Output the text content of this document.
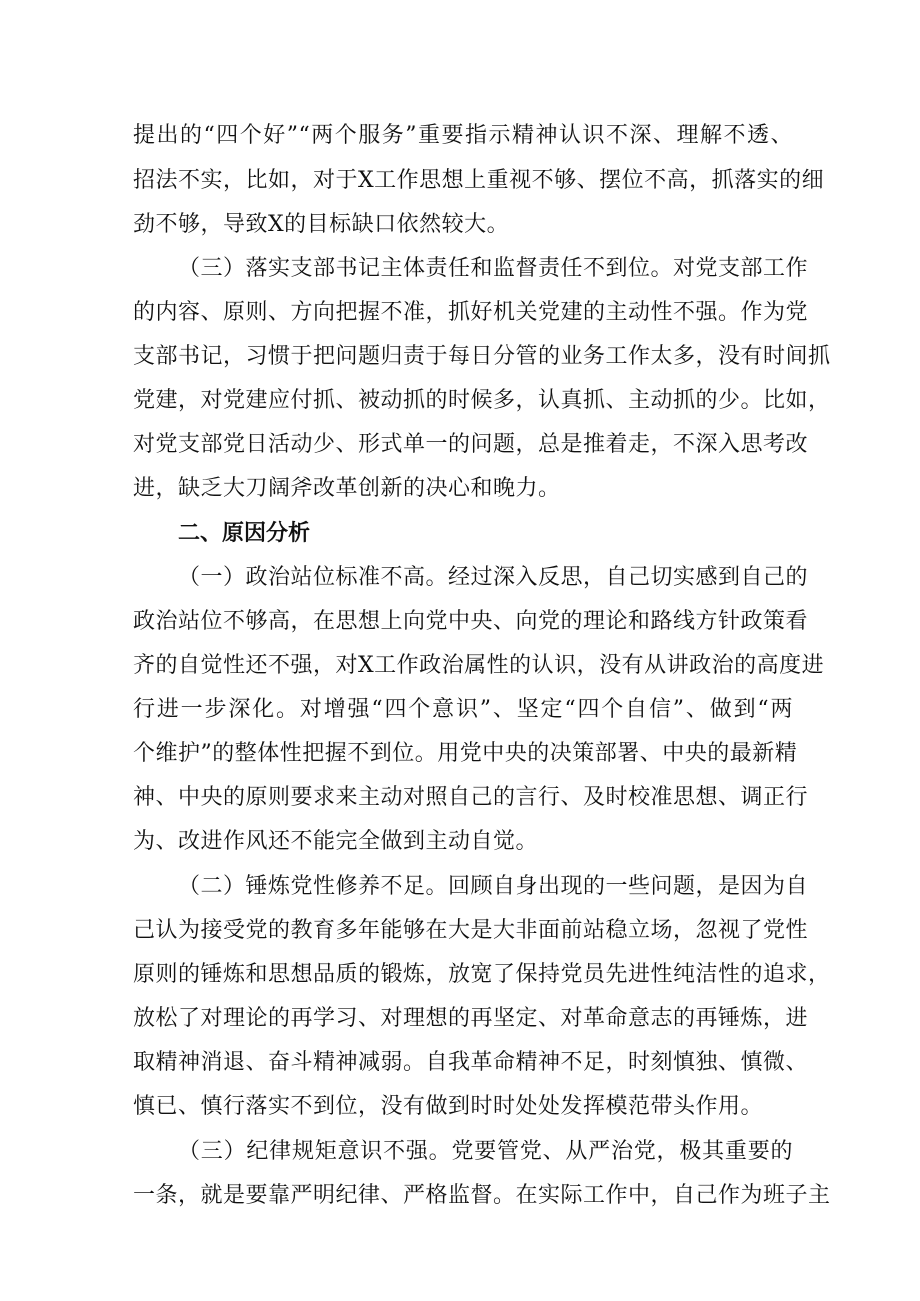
提出的“四个好”“两个服务”重要指示精神认识不深、理解不透、
招法不实，比如，对于X工作思想上重视不够、摆位不高，抓落实的细
劲不够，导致X的目标缺口依然较大。
（三）落实支部书记主体责任和监督责任不到位。对党支部工作
的内容、原则、方向把握不准，抓好机关党建的主动性不强。作为党
支部书记，习惯于把问题归责于每日分管的业务工作太多，没有时间抓
党建，对党建应付抓、被动抓的时候多，认真抓、主动抓的少。比如，
对党支部党日活动少、形式单一的问题，总是推着走，不深入思考改
进，缺乏大刀阔斧改革创新的决心和晚力。
二、原因分析
（一）政治站位标准不高。经过深入反思，自己切实感到自己的
政治站位不够高，在思想上向党中央、向党的理论和路线方针政策看
齐的自觉性还不强，对X工作政治属性的认识，没有从讲政治的高度进
行进一步深化。对增强“四个意识”、坚定“四个自信”、做到“两
个维护”的整体性把握不到位。用党中央的决策部署、中央的最新精
神、中央的原则要求来主动对照自己的言行、及时校准思想、调正行
为、改进作风还不能完全做到主动自觉。
（二）锤炼党性修养不足。回顾自身出现的一些问题，是因为自
己认为接受党的教育多年能够在大是大非面前站稳立场，忽视了党性
原则的锤炼和思想品质的锻炼，放宽了保持党员先进性纯洁性的追求，
放松了对理论的再学习、对理想的再坚定、对革命意志的再锤炼，进
取精神消退、奋斗精神减弱。自我革命精神不足，时刻慎独、慎微、
慎已、慎行落实不到位，没有做到时时处处发挥模范带头作用。
（三）纪律规矩意识不强。党要管党、从严治党，极其重要的
一条，就是要靠严明纪律、严格监督。在实际工作中，自己作为班子主
